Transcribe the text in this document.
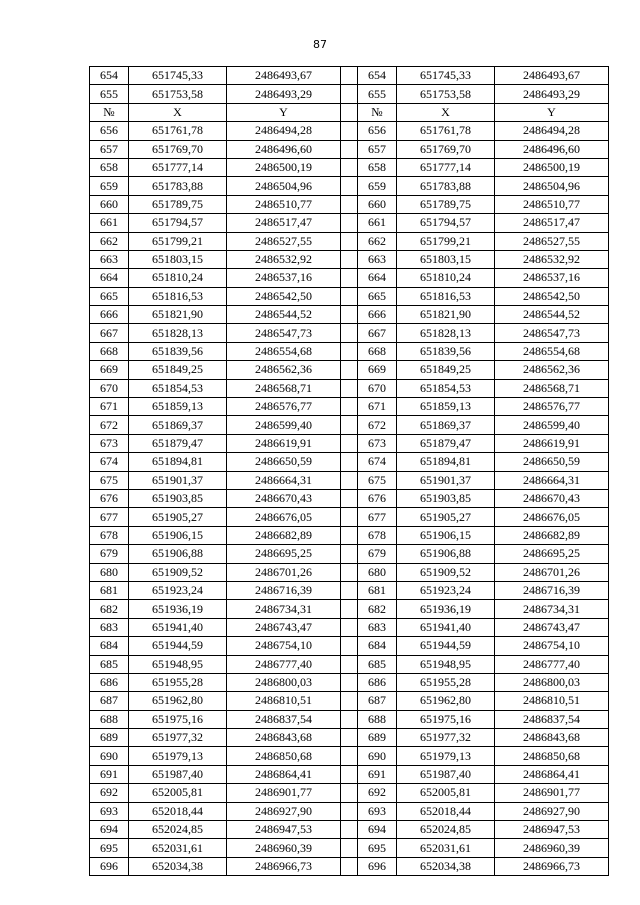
87
654	651745,33	2486493,67		654	651745,33	2486493,67
655	651753,58	2486493,29		655	651753,58	2486493,29
№	X	Y		№	X	Y
656	651761,78	2486494,28		656	651761,78	2486494,28
657	651769,70	2486496,60		657	651769,70	2486496,60
658	651777,14	2486500,19		658	651777,14	2486500,19
659	651783,88	2486504,96		659	651783,88	2486504,96
660	651789,75	2486510,77		660	651789,75	2486510,77
661	651794,57	2486517,47		661	651794,57	2486517,47
662	651799,21	2486527,55		662	651799,21	2486527,55
663	651803,15	2486532,92		663	651803,15	2486532,92
664	651810,24	2486537,16		664	651810,24	2486537,16
665	651816,53	2486542,50		665	651816,53	2486542,50
666	651821,90	2486544,52		666	651821,90	2486544,52
667	651828,13	2486547,73		667	651828,13	2486547,73
668	651839,56	2486554,68		668	651839,56	2486554,68
669	651849,25	2486562,36		669	651849,25	2486562,36
670	651854,53	2486568,71		670	651854,53	2486568,71
671	651859,13	2486576,77		671	651859,13	2486576,77
672	651869,37	2486599,40		672	651869,37	2486599,40
673	651879,47	2486619,91		673	651879,47	2486619,91
674	651894,81	2486650,59		674	651894,81	2486650,59
675	651901,37	2486664,31		675	651901,37	2486664,31
676	651903,85	2486670,43		676	651903,85	2486670,43
677	651905,27	2486676,05		677	651905,27	2486676,05
678	651906,15	2486682,89		678	651906,15	2486682,89
679	651906,88	2486695,25		679	651906,88	2486695,25
680	651909,52	2486701,26		680	651909,52	2486701,26
681	651923,24	2486716,39		681	651923,24	2486716,39
682	651936,19	2486734,31		682	651936,19	2486734,31
683	651941,40	2486743,47		683	651941,40	2486743,47
684	651944,59	2486754,10		684	651944,59	2486754,10
685	651948,95	2486777,40		685	651948,95	2486777,40
686	651955,28	2486800,03		686	651955,28	2486800,03
687	651962,80	2486810,51		687	651962,80	2486810,51
688	651975,16	2486837,54		688	651975,16	2486837,54
689	651977,32	2486843,68		689	651977,32	2486843,68
690	651979,13	2486850,68		690	651979,13	2486850,68
691	651987,40	2486864,41		691	651987,40	2486864,41
692	652005,81	2486901,77		692	652005,81	2486901,77
693	652018,44	2486927,90		693	652018,44	2486927,90
694	652024,85	2486947,53		694	652024,85	2486947,53
695	652031,61	2486960,39		695	652031,61	2486960,39
696	652034,38	2486966,73		696	652034,38	2486966,73
